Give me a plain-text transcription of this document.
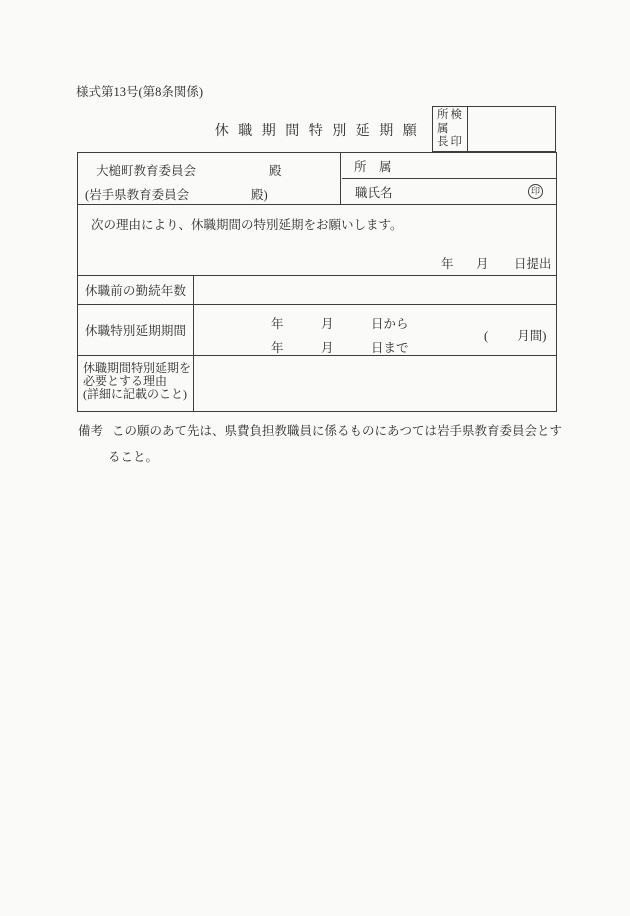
様式第13号(第8条関係)
休職期間特別延期願
所
属
長
検
印
大槌町教育委員会	殿
(岩手県教育委員会	殿)
所　属
職氏名	印
次の理由により、休職期間の特別延期をお願いします。
年 月 日提出
休職前の勤続年数
休職特別延期期間	年	月	日から
年	月	日まで
( 月間)
休職期間特別延期を
必要とする理由
(詳細に記載のこと)
備考 この願のあて先は、県費負担教職員に係るものにあつては岩手県教育委員会とす
ること。
